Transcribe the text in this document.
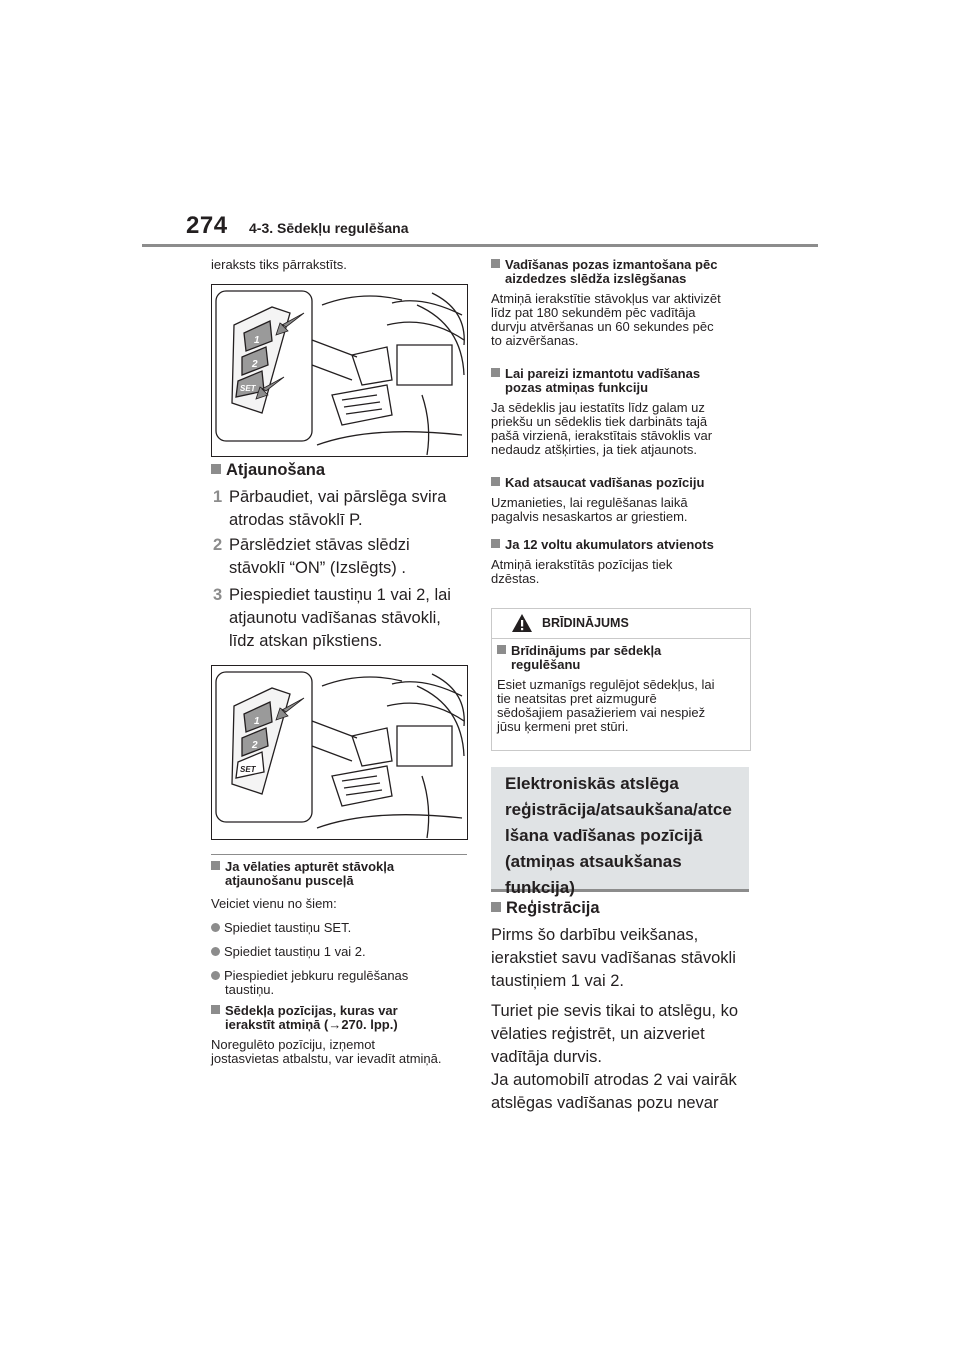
274 4-3. Sēdekļu regulēšana
ieraksts tiks pārrakstīts.
1
2
SET
Atjaunošana
1 Pārbaudiet, vai pārslēga svira
atrodas stāvoklī P.
2 Pārslēdziet stāvas slēdzi
stāvoklī “ON” (Izslēgts) .
3 Piespiediet taustiņu 1 vai 2, lai
atjaunotu vadīšanas stāvokli,
līdz atskan pīkstiens.
1
2
SET
Ja vēlaties apturēt stāvokļa
atjaunošanu pusceļā
Veiciet vienu no šiem:
Spiediet taustiņu SET.
Spiediet taustiņu 1 vai 2.
Piespiediet jebkuru regulēšanas
taustiņu.
Sēdekļa pozīcijas, kuras var
ierakstīt atmiņā (→270. lpp.)
Noregulēto pozīciju, izņemot
jostasvietas atbalstu, var ievadīt atmiņā.
Vadīšanas pozas izmantošana pēc
aizdedzes slēdža izslēgšanas
Atmiņā ierakstītie stāvokļus var aktivizēt
līdz pat 180 sekundēm pēc vadītāja
durvju atvēršanas un 60 sekundes pēc
to aizvēršanas.
Lai pareizi izmantotu vadīšanas
pozas atmiņas funkciju
Ja sēdeklis jau iestatīts līdz galam uz
priekšu un sēdeklis tiek darbināts tajā
pašā virzienā, ierakstītais stāvoklis var
nedaudz atšķirties, ja tiek atjaunots.
Kad atsaucat vadīšanas pozīciju
Uzmanieties, lai regulēšanas laikā
pagalvis nesaskartos ar griestiem.
Ja 12 voltu akumulators atvienots
Atmiņā ierakstītās pozīcijas tiek
dzēstas.
BRĪDINĀJUMS
Brīdinājums par sēdekļa
regulēšanu
Esiet uzmanīgs regulējot sēdekļus, lai
tie neatsitas pret aizmugurē
sēdošajiem pasažieriem vai nespiež
jūsu ķermeni pret stūri.
Elektroniskās atslēga
reģistrācija/atsaukšana/atce
lšana vadīšanas pozīcijā
(atmiņas atsaukšanas
funkcija)
Reģistrācija
Pirms šo darbību veikšanas,
ierakstiet savu vadīšanas stāvokli
taustiņiem 1 vai 2.
Turiet pie sevis tikai to atslēgu, ko
vēlaties reģistrēt, un aizveriet
vadītāja durvis.
Ja automobilī atrodas 2 vai vairāk
atslēgas vadīšanas pozu nevar
